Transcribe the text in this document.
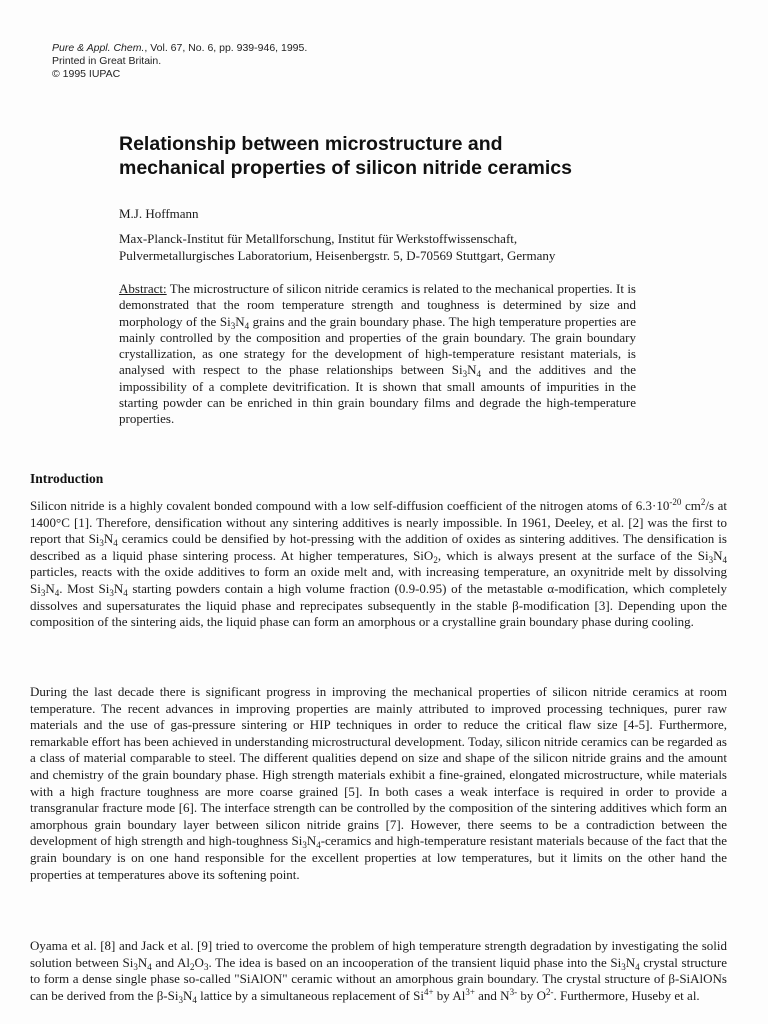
Pure & Appl. Chem., Vol. 67, No. 6, pp. 939-946, 1995.
Printed in Great Britain.
© 1995 IUPAC
Relationship between microstructure and
mechanical properties of silicon nitride ceramics
M.J. Hoffmann
Max-Planck-Institut für Metallforschung, Institut für Werkstoffwissenschaft,
Pulvermetallurgisches Laboratorium, Heisenbergstr. 5, D-70569 Stuttgart, Germany

Abstract: The microstructure of silicon nitride ceramics is related to the mechanical properties. It is demonstrated that the room temperature strength and toughness is determined by size and morphology of the $Si_3N_4$ grains and the grain boundary phase. The high temperature properties are mainly controlled by the composition and properties of the grain boundary. The grain boundary crystallization, as one strategy for the development of high-temperature resistant materials, is analysed with respect to the phase relationships between $Si_3N_4$ and the additives and the impossibility of a complete devitrification. It is shown that small amounts of impurities in the starting powder can be enriched in thin grain boundary films and degrade the high-temperature properties.

Introduction

Silicon nitride is a highly covalent bonded compound with a low self-diffusion coefficient of the nitrogen atoms of $6.3\cdot 10^{-20}$ $cm^2/s$ at 1400°C [1]. Therefore, densification without any sintering additives is nearly impossible. In 1961, Deeley, et al. [2] was the first to report that $Si_3N_4$ ceramics could be densified by hot-pressing with the addition of oxides as sintering additives. The densification is described as a liquid phase sintering process. At higher temperatures, SiO$_2$, which is always present at the surface of the $Si_3N_4$ particles, reacts with the oxide additives to form an oxide melt and, with increasing temperature, an oxynitride melt by dissolving $Si_3N_4$. Most $Si_3N_4$ starting powders contain a high volume fraction (0.9-0.95) of the metastable α-modification, which completely dissolves and supersaturates the liquid phase and reprecipates subsequently in the stable β-modification [3]. Depending upon the composition of the sintering aids, the liquid phase can form an amorphous or a crystalline grain boundary phase during cooling.

During the last decade there is significant progress in improving the mechanical properties of silicon nitride ceramics at room temperature. The recent advances in improving properties are mainly attributed to improved processing techniques, purer raw materials and the use of gas-pressure sintering or HIP techniques in order to reduce the critical flaw size [4-5]. Furthermore, remarkable effort has been achieved in understanding microstructural development. Today, silicon nitride ceramics can be regarded as a class of material comparable to steel. The different qualities depend on size and shape of the silicon nitride grains and the amount and chemistry of the grain boundary phase. High strength materials exhibit a fine-grained, elongated microstructure, while materials with a high fracture toughness are more coarse grained [5]. In both cases a weak interface is required in order to provide a transgranular fracture mode [6]. The interface strength can be controlled by the composition of the sintering additives which form an amorphous grain boundary layer between silicon nitride grains [7]. However, there seems to be a contradiction between the development of high strength and high-toughness $Si_3N_4$-ceramics and high-temperature resistant materials because of the fact that the grain boundary is on one hand responsible for the excellent properties at low temperatures, but it limits on the other hand the properties at temperatures above its softening point.

Oyama et al. [8] and Jack et al. [9] tried to overcome the problem of high temperature strength degradation by investigating the solid solution between $Si_3N_4$ and $Al_2O_3$. The idea is based on an incooperation of the transient liquid phase into the $Si_3N_4$ crystal structure to form a dense single phase so-called "SiAlON" ceramic without an amorphous grain boundary. The crystal structure of β-SiAlONs can be derived from the $\beta-Si_3N_4$ lattice by a simultaneous replacement of $Si^{4+}$ by $Al^{3+}$ and $N^{3-}$ by $O^{2-}$. Furthermore, Huseby et al.
